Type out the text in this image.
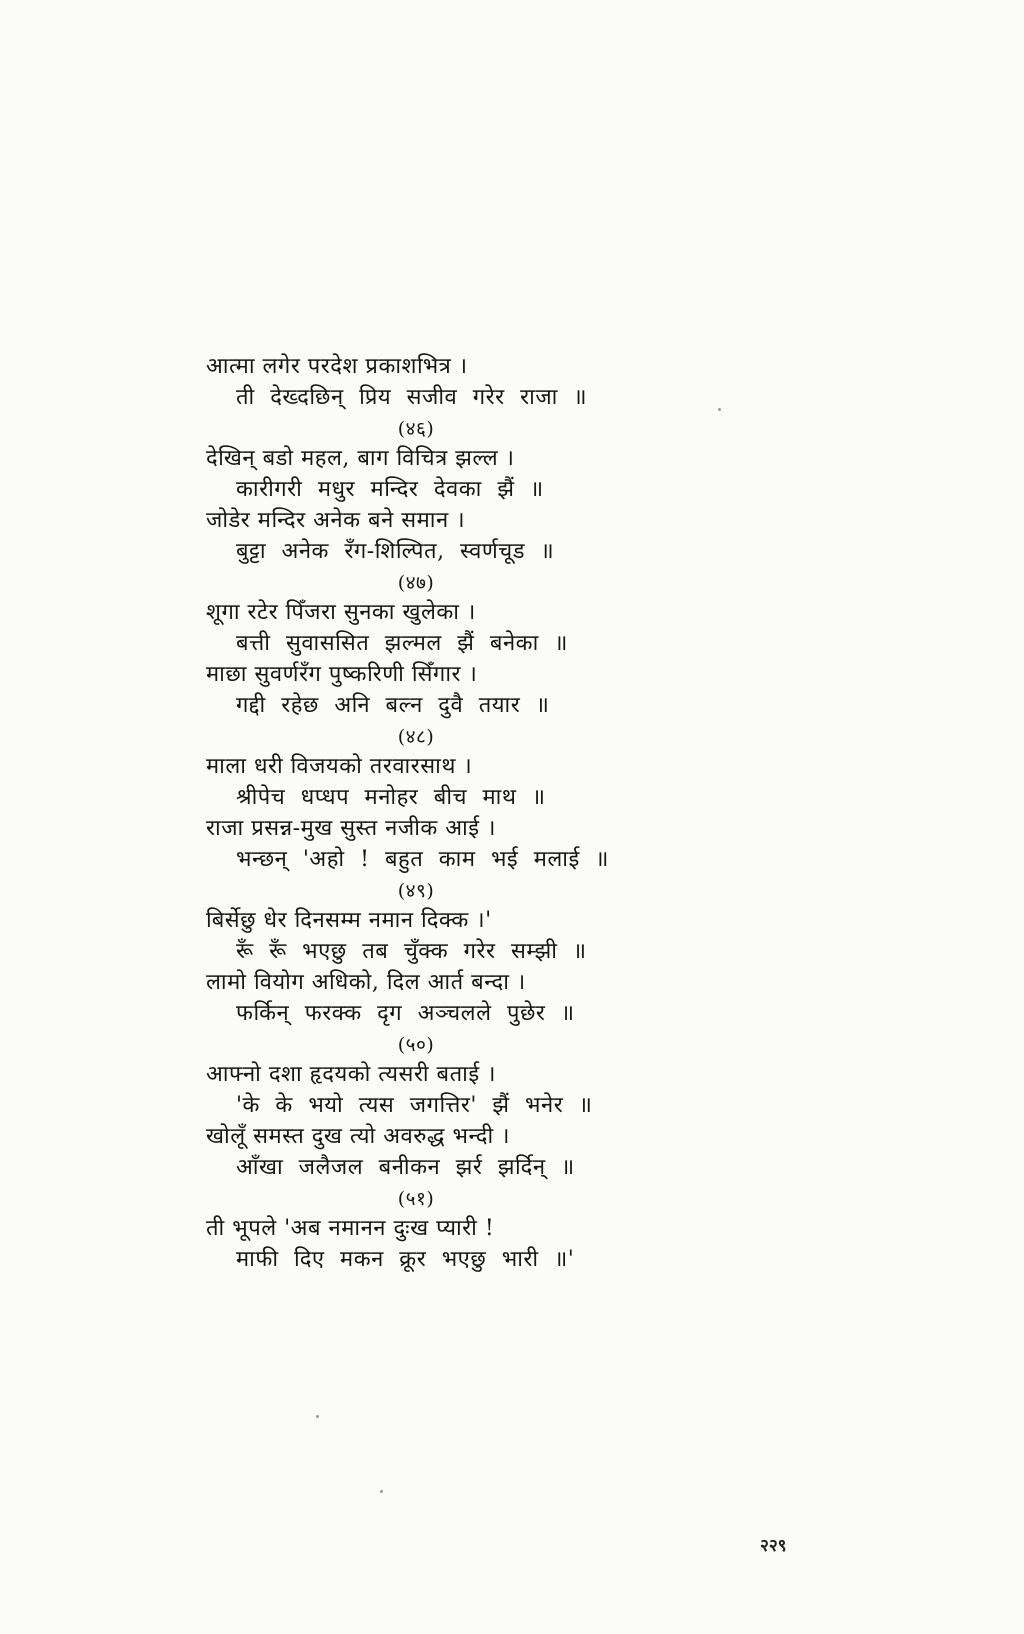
आत्मा लगेर परदेश प्रकाशभित्र ।
ती देख्दछिन् प्रिय सजीव गरेर राजा ॥
(४६)
देखिन् बडो महल, बाग विचित्र झल्ल ।
कारीगरी मधुर मन्दिर देवका झैं ॥
जोडेर मन्दिर अनेक बने समान ।
बुट्टा अनेक रँग-शिल्पित, स्वर्णचूड ॥
(४७)
शूगा रटेर पिँजरा सुनका खुलेका ।
बत्ती सुवाससित झल्मल झैं बनेका ॥
माछा सुवर्णरँग पुष्करिणी सिँगार ।
गद्दी रहेछ अनि बल्न दुवै तयार ॥
(४८)
माला धरी विजयको तरवारसाथ ।
श्रीपेच धप्धप मनोहर बीच माथ ॥
राजा प्रसन्न-मुख सुस्त नजीक आई ।
भन्छन् 'अहो ! बहुत काम भई मलाई ॥
(४९)
बिर्सेछु धेर दिनसम्म नमान दिक्क ।'
रूँ रूँ भएछु तब चुँक्क गरेर सम्झी ॥
लामो वियोग अधिको, दिल आर्त बन्दा ।
फर्किन् फरक्क दृग अञ्चलले पुछेर ॥
(५०)
आफ्नो दशा हृदयको त्यसरी बताई ।
'के के भयो त्यस जगत्तिर' झैं भनेर ॥
खोलूँ समस्त दुख त्यो अवरुद्ध भन्दी ।
आँखा जलैजल बनीकन झर्र झर्दिन् ॥
(५१)
ती भूपले 'अब नमानन दुःख प्यारी !
माफी दिए मकन क्रूर भएछु भारी ॥'
२२९
